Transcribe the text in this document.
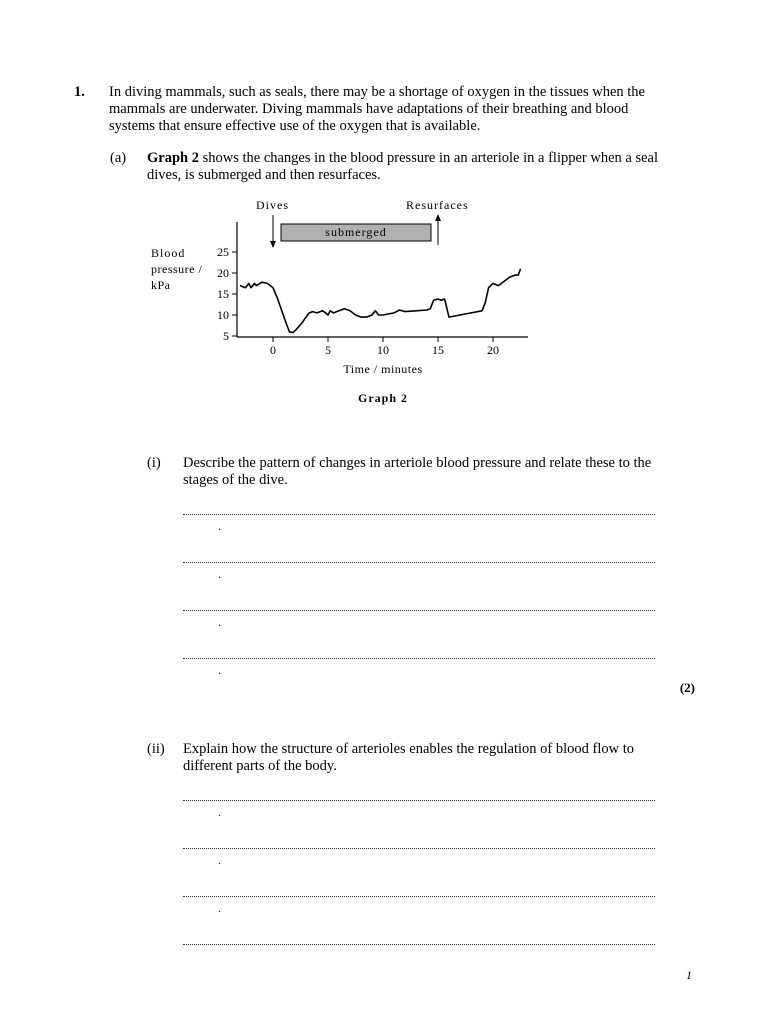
1. In diving mammals, such as seals, there may be a shortage of oxygen in the tissues when the mammals are underwater. Diving mammals have adaptations of their breathing and blood systems that ensure effective use of the oxygen that is available.
(a) Graph 2 shows the changes in the blood pressure in an arteriole in a flipper when a seal dives, is submerged and then resurfaces.
5
10
15
20
25
0	5	10	15	20
Blood
pressure /
kPa
Time / minutes
Dives	Resurfaces
submerged
Graph 2
(i) Describe the pattern of changes in arteriole blood pressure and relate these to the stages of the dive.
.
.
.
.
(2)
(ii) Explain how the structure of arterioles enables the regulation of blood flow to different parts of the body.
.
.
.
1
